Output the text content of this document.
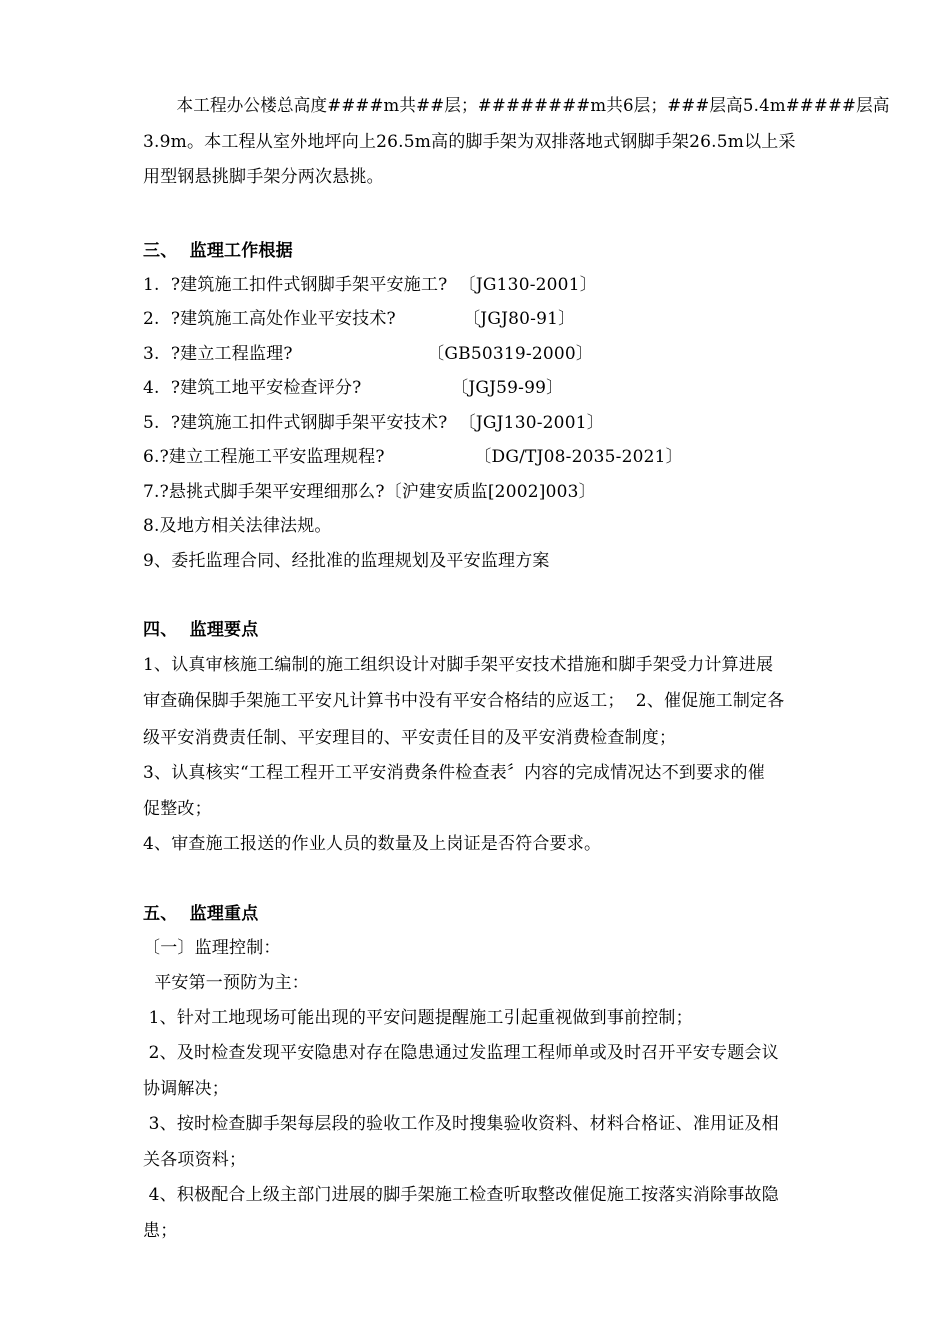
　　本工程办公楼总高度####m共##层；########m共6层；###层高5.4m#####层高
3.9m。本工程从室外地坪向上26.5m高的脚手架为双排落地式钢脚手架26.5m以上采
用型钢悬挑脚手架分两次悬挑。
三、  监理工作根据
1.  ?建筑施工扣件式钢脚手架平安施工?  〔JG130-2001〕
2.  ?建筑施工高处作业平安技术?            〔JGJ80-91〕
3.  ?建立工程监理?                        〔GB50319-2000〕
4.  ?建筑工地平安检查评分?                〔JGJ59-99〕
5.  ?建筑施工扣件式钢脚手架平安技术?  〔JGJ130-2001〕
6.?建立工程施工平安监理规程?                〔DG/TJ08-2035-2021〕
7.?悬挑式脚手架平安理细那么?〔沪建安质监[2002]003〕
8.及地方相关法律法规。
9、委托监理合同、经批准的监理规划及平安监理方案
四、  监理要点
1、认真审核施工编制的施工组织设计对脚手架平安技术措施和脚手架受力计算进展
审查确保脚手架施工平安凡计算书中没有平安合格结的应返工；  2、催促施工制定各
级平安消费责任制、平安理目的、平安责任目的及平安消费检查制度；
3、认真核实“工程工程开工平安消费条件检查表〞内容的完成情况达不到要求的催
促整改；
4、审查施工报送的作业人员的数量及上岗证是否符合要求。
五、  监理重点
〔一〕监理控制：
平安第一预防为主：
1、针对工地现场可能出现的平安问题提醒施工引起重视做到事前控制；
2、及时检查发现平安隐患对存在隐患通过发监理工程师单或及时召开平安专题会议
协调解决；
3、按时检查脚手架每层段的验收工作及时搜集验收资料、材料合格证、准用证及相
关各项资料；
4、积极配合上级主部门进展的脚手架施工检查听取整改催促施工按落实消除事故隐
患；
